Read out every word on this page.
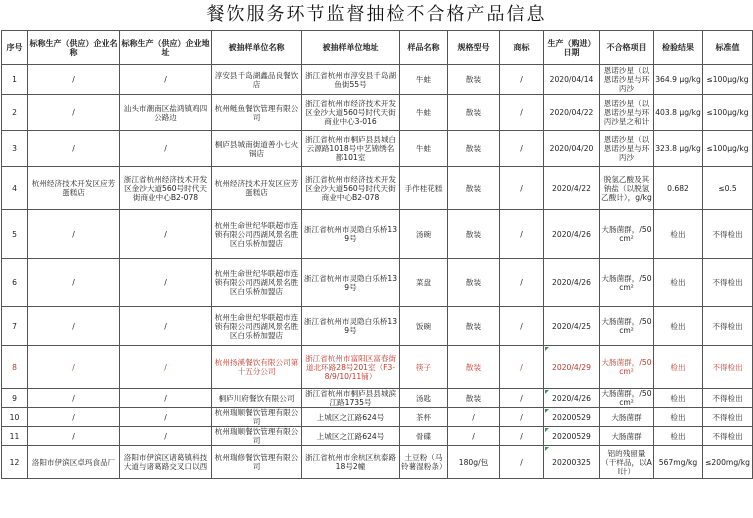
餐饮服务环节监督抽检不合格产品信息
序号	标称生产（供应）企业名称	标称生产（供应）企业地址	被抽样单位名称	被抽样单位地址	样品名称	规格型号	商标	生产（购进）日期	不合格项目	检验结果	标准值
1	/	/	淳安县千岛湖鑫品良餐饮店	浙江省杭州市淳安县千岛湖鱼街55号	牛蛙	散装	/	2020/04/14	恩诺沙星（以恩诺沙星与环丙沙	364.9 μg/kg	≤100μg/kg
2	/	汕头市潮南区盐鸿镇鸡四公路边	杭州鲢鱼餐饮管理有限公司	浙江省杭州市经济技术开发区金沙大道560号时代天街商业中心3-016	牛蛙	散装	/	2020/04/22	恩诺沙星（以恩诺沙星与环丙沙星之和计	403.8 μg/kg	≤100μg/kg
3	/	/	桐庐县城南街道善小七火锅店	浙江省杭州市桐庐县县城白云源路1018号中艺锦绣名都101室	牛蛙	散装	/	2020/04/20	恩诺沙星（以恩诺沙星与环丙沙	323.8 μg/kg	≤100μg/kg
4	杭州经济技术开发区应芳蛋糕店	浙江省杭州经济技术开发区金沙大道560号时代天街商业中心B2-078	杭州经济技术开发区应芳蛋糕店	浙江省杭州市经济技术开发区金沙大道560号时代天街商业中心B2-078	手作桂花糕	散装	/	2020/4/22	脱氢乙酸及其钠盐（以脱氢乙酸计），g/kg	0.682	≤0.5
5	/	/	杭州生命世纪华联超市连锁有限公司西湖风景名胜区白乐桥加盟店	浙江省杭州市灵隐白乐桥139号	汤碗	散装	/	2020/4/26	大肠菌群，/50cm²	检出	不得检出
6	/	/	杭州生命世纪华联超市连锁有限公司西湖风景名胜区白乐桥加盟店	浙江省杭州市灵隐白乐桥139号	菜盘	散装	/	2020/4/26	大肠菌群，/50cm²	检出	不得检出
7	/	/	杭州生命世纪华联超市连锁有限公司西湖风景名胜区白乐桥加盟店	浙江省杭州市灵隐白乐桥139号	饭碗	散装	/	2020/4/25	大肠菌群，/50cm²	检出	不得检出
8	/	/	杭州扬溪餐饮有限公司第十五分公司	浙江省杭州市富阳区富春街道北环路28号201室（F3-8/9/10/11铺）	筷子	散装	/	2020/4/29	大肠菌群，/50cm²	检出	不得检出
9	/	/	桐庐川府餐饮有限公司	浙江省杭州市桐庐县县城滨江路1735号	汤匙	散装	/	2020/4/26	大肠菌群，/50cm²	检出	不得检出
10	/	/	杭州瑞顺餐饮管理有限公司	上城区之江路624号	茶杯	/	/	20200529	大肠菌群	检出	不得检出
11	/	/	杭州瑞顺餐饮管理有限公司	上城区之江路624号	骨碟	/	/	20200529	大肠菌群	检出	不得检出
12	洛阳市伊滨区卓玛食品厂	洛阳市伊滨区诸葛镇科技大道与诸葛路交叉口以西	杭州瑞修餐饮管理有限公司	浙江省杭州市余杭区杭泰路18号2幢	土豆粉（马铃薯湿粉条）	180g/包	/	20200325	铝的残留量（干样品，以Al计）	567mg/kg	≤200mg/kg
